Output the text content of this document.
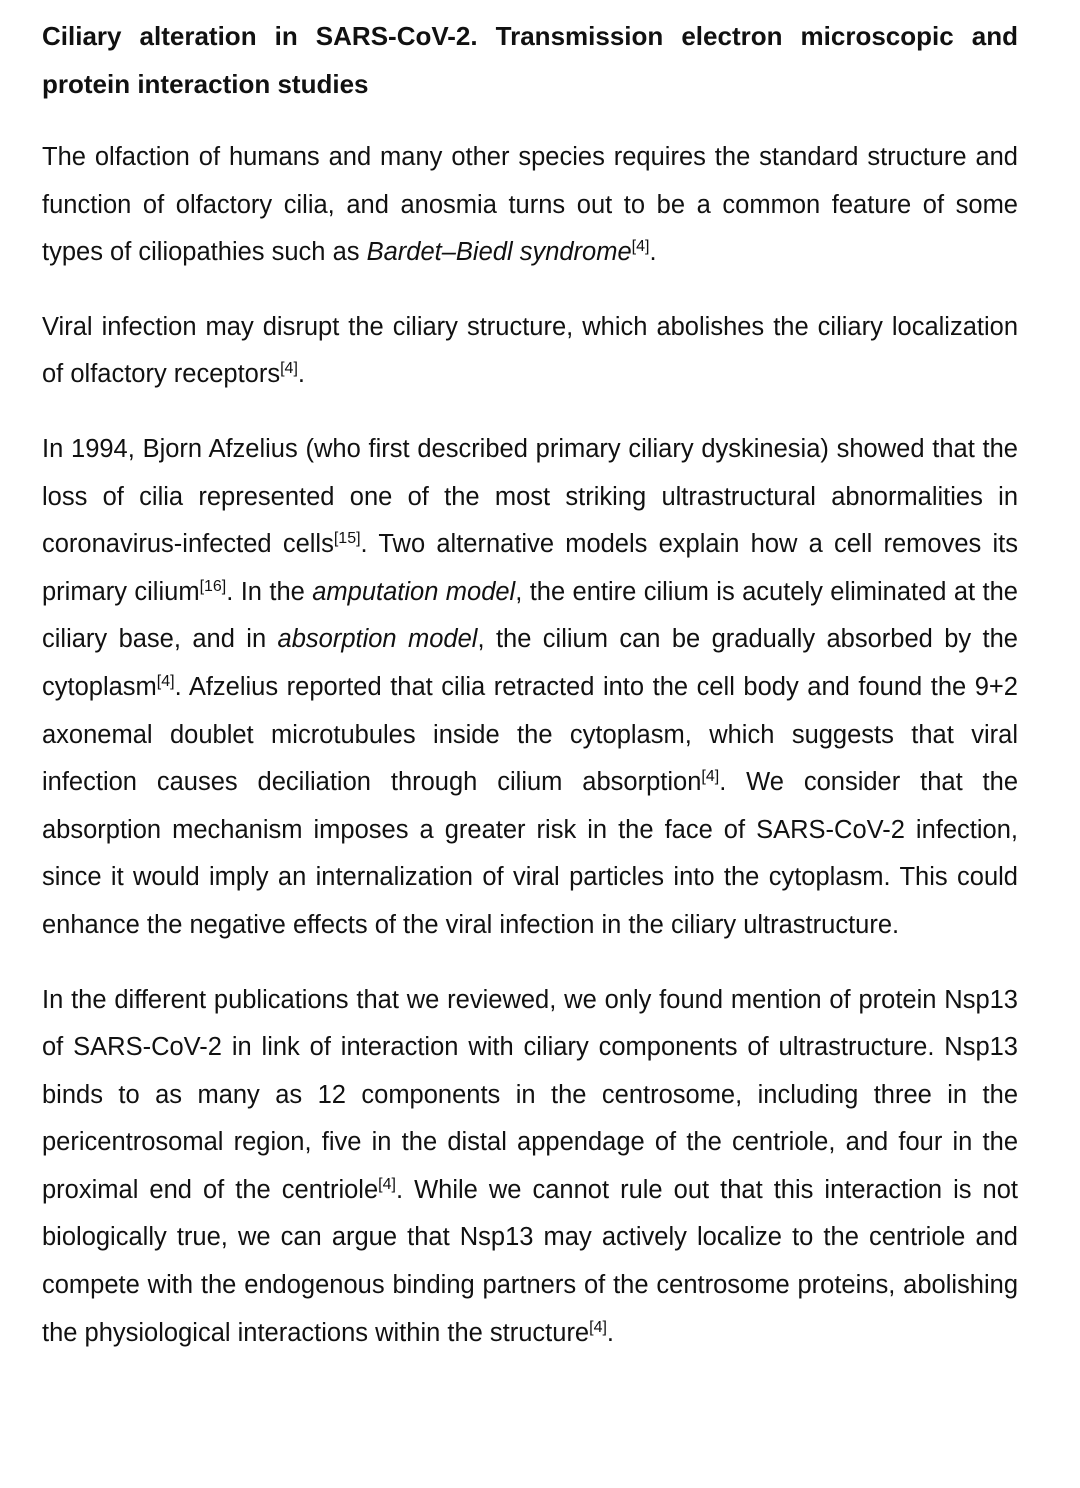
Ciliary alteration in SARS-CoV-2. Transmission electron microscopic and protein interaction studies

The olfaction of humans and many other species requires the standard structure and function of olfactory cilia, and anosmia turns out to be a common feature of some types of ciliopathies such as Bardet–Biedl syndrome[4].

Viral infection may disrupt the ciliary structure, which abolishes the ciliary localization of olfactory receptors[4].

In 1994, Bjorn Afzelius (who first described primary ciliary dyskinesia) showed that the loss of cilia represented one of the most striking ultrastructural abnormalities in coronavirus-infected cells[15]. Two alternative models explain how a cell removes its primary cilium[16]. In the amputation model, the entire cilium is acutely eliminated at the ciliary base, and in absorption model, the cilium can be gradually absorbed by the cytoplasm[4]. Afzelius reported that cilia retracted into the cell body and found the 9+2 axonemal doublet microtubules inside the cytoplasm, which suggests that viral infection causes deciliation through cilium absorption[4]. We consider that the absorption mechanism imposes a greater risk in the face of SARS-CoV-2 infection, since it would imply an internalization of viral particles into the cytoplasm. This could enhance the negative effects of the viral infection in the ciliary ultrastructure.

In the different publications that we reviewed, we only found mention of protein Nsp13 of SARS-CoV-2 in link of interaction with ciliary components of ultrastructure. Nsp13 binds to as many as 12 components in the centrosome, including three in the pericentrosomal region, five in the distal appendage of the centriole, and four in the proximal end of the centriole[4]. While we cannot rule out that this interaction is not biologically true, we can argue that Nsp13 may actively localize to the centriole and compete with the endogenous binding partners of the centrosome proteins, abolishing the physiological interactions within the structure[4].
